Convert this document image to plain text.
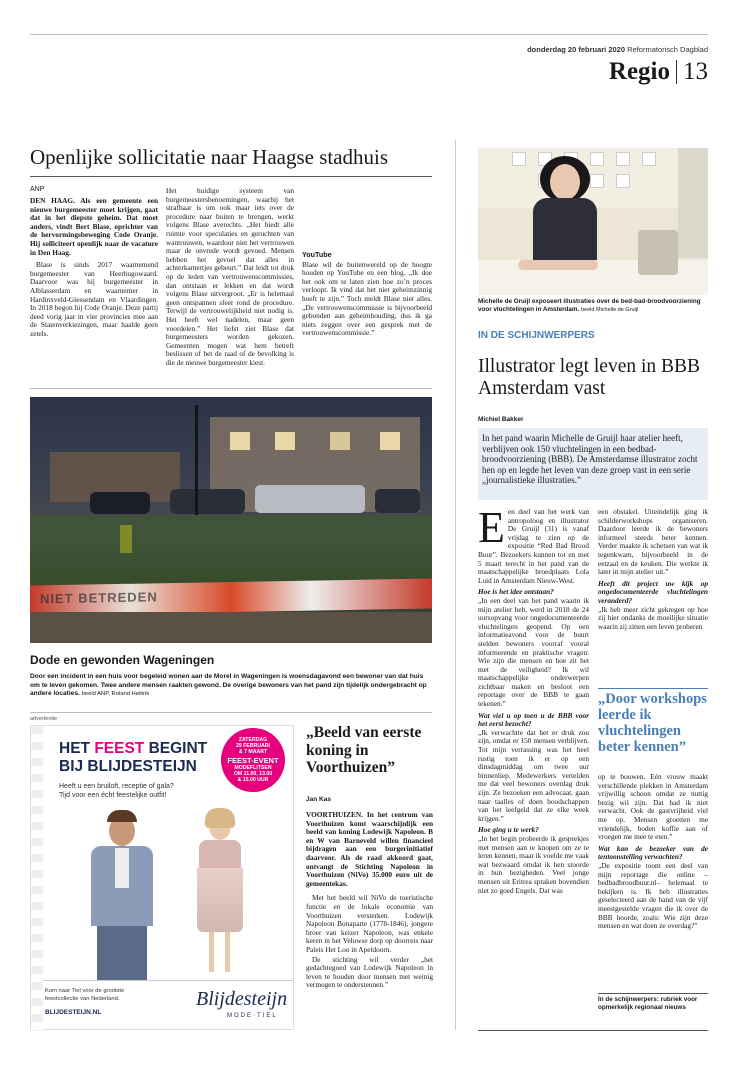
donderdag 20 februari 2020 Reformatorisch Dagblad
Regio 13
Openlijke sollicitatie naar Haagse stadhuis
ANP

DEN HAAG. Als een gemeente een nieuwe burgemeester moet krijgen, gaat dat in het diepste geheim. Dat moet anders, vindt Bert Blase, oprichter van de hervormingsbeweging Code Oranje. Hij solliciteert openlijk naar de vacature in Den Haag.

Blase is sinds 2017 waarnemend burgemeester van Heerhugowaard. Daarvoor was hij burgemeester in Alblasserdam en waarnemer in Hardinxveld-Giessendam en Vlaardingen. In 2018 begon hij Code Oranje. Deze partij deed vorig jaar in vier provincies mee aan de Statenverkiezingen, maar haalde geen zetels.

Het huidige systeem van burgemeestersbenoemingen, waarbij het strafbaar is om ook maar iets over de procedure naar buiten te brengen, werkt volgens Blase averechts. „Het biedt alle ruimte voor speculaties en geruchten van wantrouwen, waardoor niet het vertrouwen maar de onvrede wordt gevoed. Mensen hebben het gevoel dat alles in achterkamertjes gebeurt.” Dat leidt tot druk op de leden van vertrouwenscommissies, dan ontstaan er lekken en dat wordt volgens Blase uitvergroot. „Er is helemaal geen ontspannen sfeer rond de procedure. Terwijl de vertrouwelijkheid niet nodig is. Het heeft wel nadelen, maar geen voordelen.” Het liefst ziet Blase dat burgemeesters worden gekozen. Gemeenten mogen wat hem betreft beslissen of het de raad of de bevolking is die de nieuwe burgemeester kiest.

YouTube

Blase wil de buitenwereld op de hoogte houden op YouTube en een blog. „Ik doe het ook om te laten zien hoe zo’n proces verloopt. Ik vind dat het niet geheimzinnig hoeft te zijn.” Toch meldt Blase niet alles. „De vertrouwenscommissie is bijvoorbeeld gebonden aan geheimhouding, dus ik ga niets zeggen over een gesprek met de vertrouwenscommissie.”

NIET BETREDEN
Dode en gewonden Wageningen
Door een incident in een huis voor begeleid wonen aan de Morel in Wageningen is woensdagavond een bewoner van dat huis om te leven gekomen. Twee andere mensen raakten gewond. De overige bewoners van het pand zijn tijdelijk ondergebracht op andere locaties. beeld ANP, Roland Heitink
advertentie
HET FEEST BEGINT
BIJ BLIJDESTEIJN
Heeft u een bruiloft, receptie of gala?
Tijd voor een écht feestelijke outfit!
ZATERDAG
29 FEBRUARI
& 7 MAART
FEEST-EVENT
MODEFLITSEN
OM 11.00, 13.00
& 15.00 UUR
Kom naar Tiel voor de grootste
feestcollectie van Nederland.
BLIJDESTEIJN.NL
Blijdesteijn
MODE·TIEL
„Beeld van eerste koning in Voorthuizen”
Jan Kas

VOORTHUIZEN. In het centrum van Voorthuizen komt waarschijnlijk een beeld van koning Lodewijk Napoleon. B en W van Barneveld willen financieel bijdragen aan een burgerinitiatief daarvoor. Als de raad akkoord gaat, ontvangt de Stichting Napoleon in Voorthuizen (NiVo) 35.000 euro uit de gemeentekas.

Met het beeld wil NiVo de toeristische functie en de lokale economie van Voorthuizen versterken. Lodewijk Napoleon Bonaparte (1778-1846), jongere broer van keizer Napoleon, was enkele keren in het Veluwse dorp op doorreis naar Paleis Het Loo in Apeldoorn.

De stichting wil verder „het gedachtegoed van Lodewijk Napoleon in leven te houden door mensen met weinig vermogen te ondersteunen.”

Michelle de Gruijl exposeert illustraties over de bed-bad-broodvoorziening voor vluchtelingen in Amsterdam. beeld Michelle de Gruijl
IN DE SCHIJNWERPERS
Illustrator legt leven in BBB Amsterdam vast
Michiel Bakker
In het pand waarin Michelle de Gruijl haar atelier heeft, verblijven ook 150 vluchtelingen in een bedbad-broodvoorziening (BBB). De Amsterdamse illustrator zocht hen op en legde het leven van deze groep vast in een serie „journalistieke illustraties.”

Een deel van het werk van antropoloog en illustrator De Gruijl (31) is vanaf vrijdag te zien op de expositie “Red Bad Brood Buur”. Bezoekers kunnen tot en met 5 maart terecht in het pand van de maatschappelijke broedplaats Lola Luid in Amsterdam Nieuw-West.

Hoe is het idee ontstaan?

„In een deel van het pand waarin ik mijn atelier heb, werd in 2018 de 24 uursopvang voor ongedocumenteerde vluchtelingen geopend. Op een informatieavond voor de buurt stelden bewoners voorraf vooral informerende en praktische vragen: Wie zijn die mensen en hoe zit het met de veiligheid? Ik wil maatschappelijke onderwerpen zichtbaar maken en besloot een reportage over de BBB te gaan tekenen.”

Wat viel u op toen u de BBB voor het eerst bezocht?

„Ik verwachtte dat het er druk zou zijn, omdat er 150 mensen verblijven. Tot mijn verrassing was het heel rustig toen ik er op een dinsdagmiddag om twee uur binnenliep. Medewerkers vertelden me dat veel bewoners overdag druk zijn. Ze bezoeken een advocaat, gaan naar taalles of doen boodschappen van het leefgeld dat ze elke week krijgen.”

Hoe ging u te werk?

„In het begin probeerde ik gesprekjes met mensen aan te knopen om ze te leren kennen, maar ik voelde me vaak wat bezwaard omdat ik hen stoorde in hun bezigheden. Veel jonge mensen uit Eritrea spraken bovendien niet zo goed Engels. Dat was

een obstakel. Uiteindelijk ging ik schilderworkshops organiseren. Daardoor leerde ik de bewoners informeel steeds beter kennen. Verder maakte ik schetsen van wat ik tegenkwam, bijvoorbeeld in de eetzaal en de keuken. Die werkte ik later in mijn atelier uit.”

Heeft dit project uw kijk op ongedocumenteerde vluchtelingen veranderd?

„Ik heb meer zicht gekregen op hoe zij hier ondanks de moeilijke situatie waarin zij zitten een leven proberen

„Door workshops leerde ik vluchtelingen beter kennen”

op te bouwen. Eén vrouw maakt verschillende plekken in Amsterdam vrijwillig schoon omdat ze nuttig bezig wil zijn. Dat had ik niet verwacht. Ook de gastvrijheid viel me op. Mensen groetten me vriendelijk, boden koffie aan of vroegen me mee te eten.”

Wat kan de bezoeker van de tentoonstelling verwachten?

„De expositie toont een deel van mijn reportage die online –bedbadbroodbuur.nl– helemaal te bekijken is. Ik heb illustraties geselecteerd aan de hand van de vijf meestgestelde vragen die ik over de BBB hoorde, zoals: Wie zijn deze mensen en wat doen ze overdag?”

In de schijnwerpers: rubriek voor opmerkelijk regionaal nieuws
